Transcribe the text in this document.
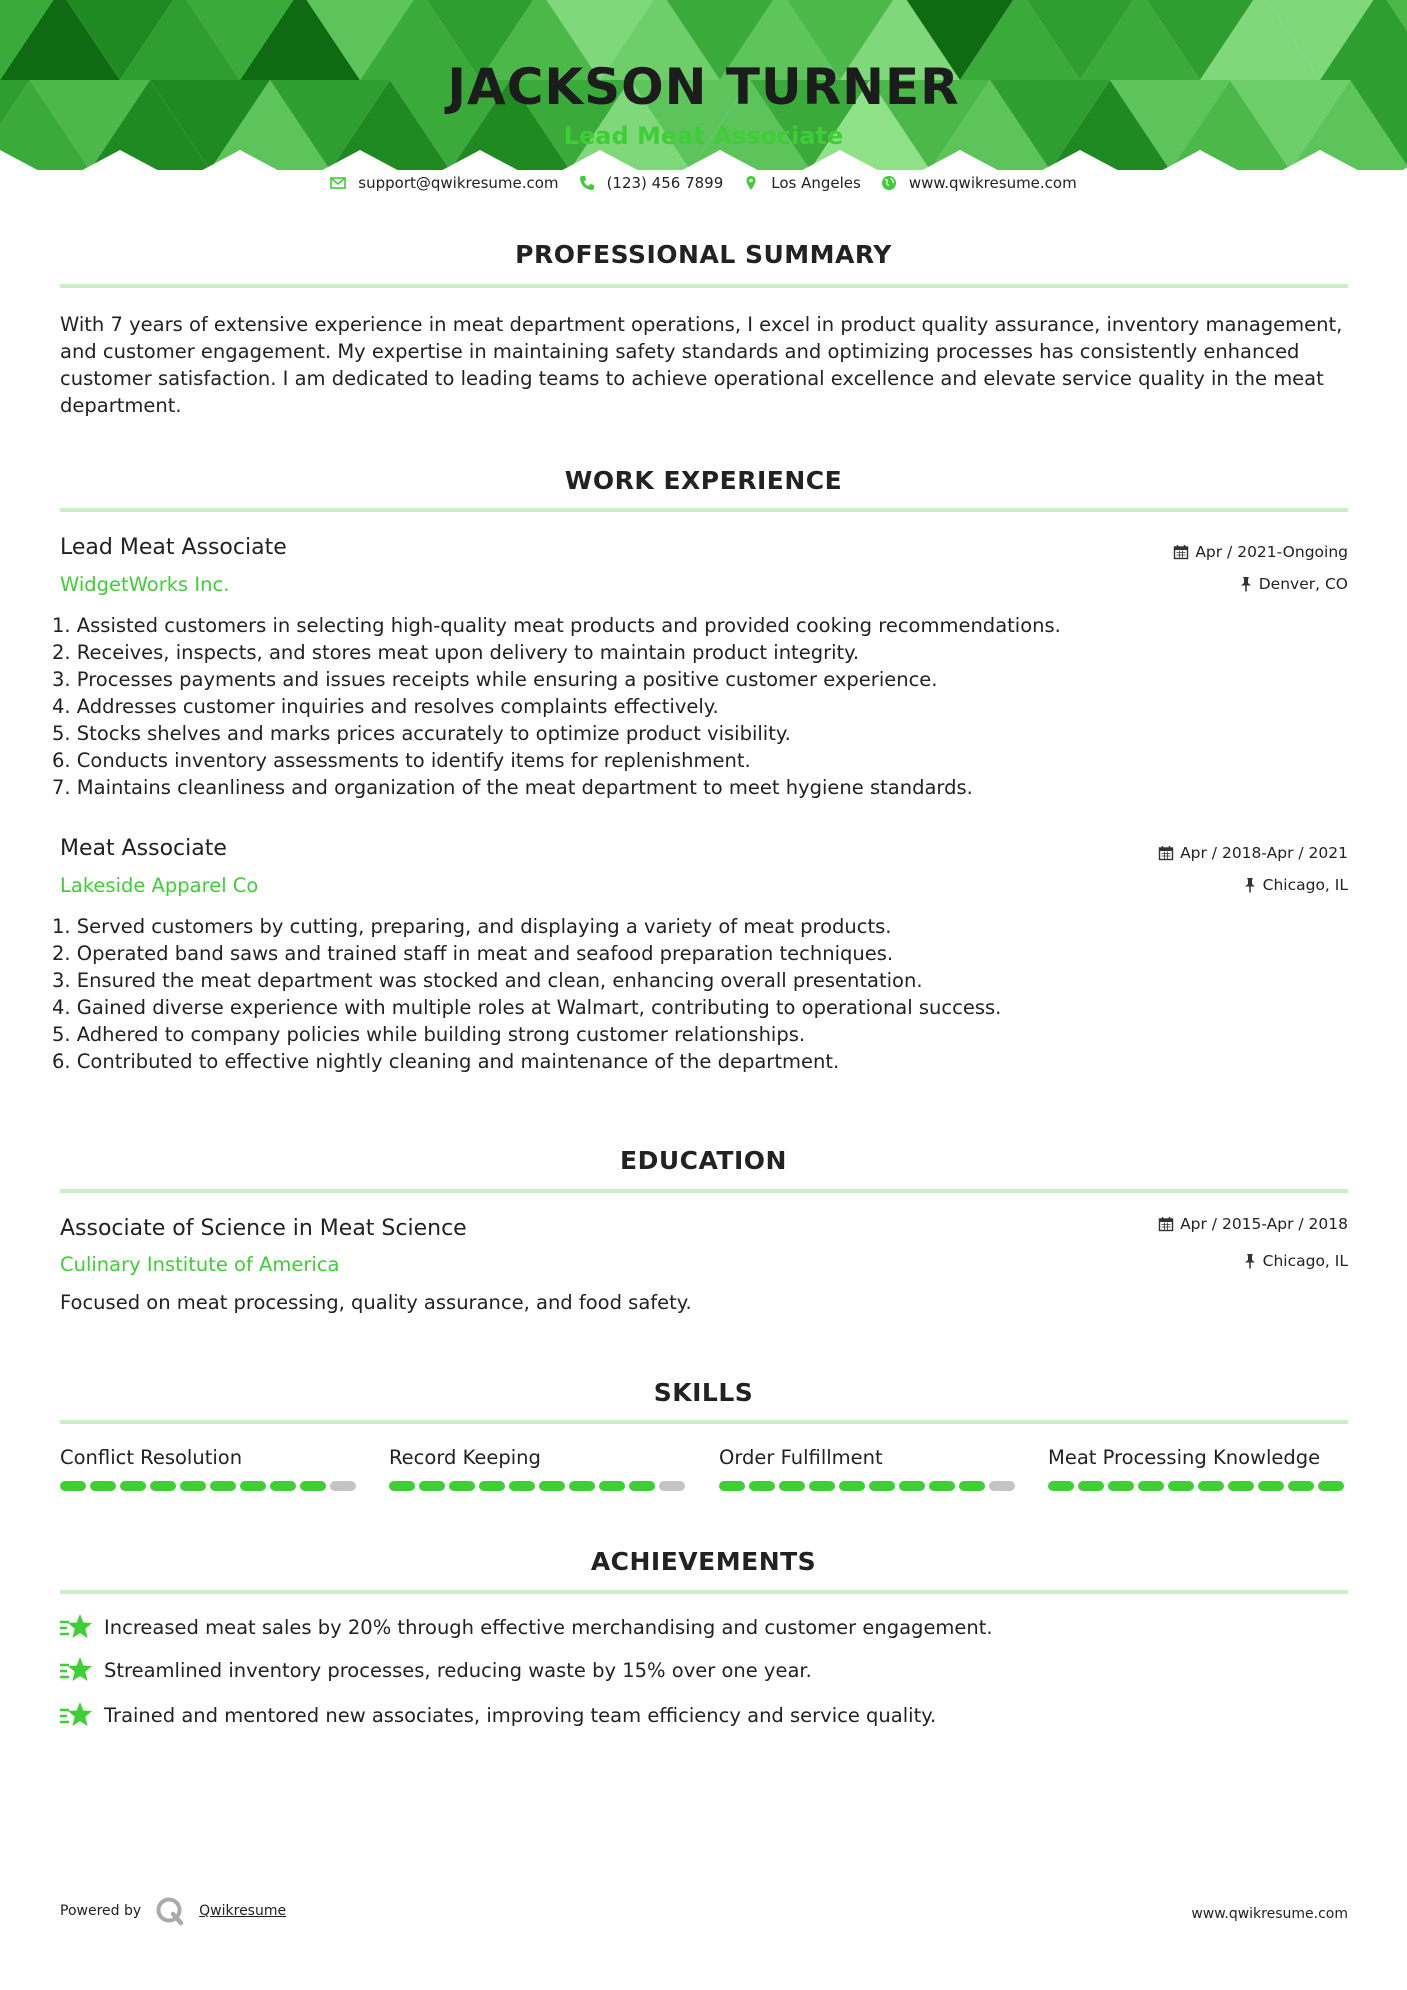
JACKSON TURNER
Lead Meat Associate
support@qwikresume.com	(123) 456 7899	Los Angeles	www.qwikresume.com
PROFESSIONAL SUMMARY
With 7 years of extensive experience in meat department operations, I excel in product quality assurance, inventory management, and customer engagement. My expertise in maintaining safety standards and optimizing processes has consistently enhanced customer satisfaction. I am dedicated to leading teams to achieve operational excellence and elevate service quality in the meat department.
WORK EXPERIENCE
Lead Meat Associate
WidgetWorks Inc.
Apr / 2021-Ongoing
Denver, CO
1. Assisted customers in selecting high-quality meat products and provided cooking recommendations.
2. Receives, inspects, and stores meat upon delivery to maintain product integrity.
3. Processes payments and issues receipts while ensuring a positive customer experience.
4. Addresses customer inquiries and resolves complaints effectively.
5. Stocks shelves and marks prices accurately to optimize product visibility.
6. Conducts inventory assessments to identify items for replenishment.
7. Maintains cleanliness and organization of the meat department to meet hygiene standards.
Meat Associate
Lakeside Apparel Co
Apr / 2018-Apr / 2021
Chicago, IL
1. Served customers by cutting, preparing, and displaying a variety of meat products.
2. Operated band saws and trained staff in meat and seafood preparation techniques.
3. Ensured the meat department was stocked and clean, enhancing overall presentation.
4. Gained diverse experience with multiple roles at Walmart, contributing to operational success.
5. Adhered to company policies while building strong customer relationships.
6. Contributed to effective nightly cleaning and maintenance of the department.
EDUCATION
Associate of Science in Meat Science
Culinary Institute of America
Apr / 2015-Apr / 2018
Chicago, IL
Focused on meat processing, quality assurance, and food safety.
SKILLS
Conflict Resolution	Record Keeping	Order Fulfillment	Meat Processing Knowledge
ACHIEVEMENTS
Increased meat sales by 20% through effective merchandising and customer engagement.
Streamlined inventory processes, reducing waste by 15% over one year.
Trained and mentored new associates, improving team efficiency and service quality.
Powered by	Qwikresume	www.qwikresume.com
